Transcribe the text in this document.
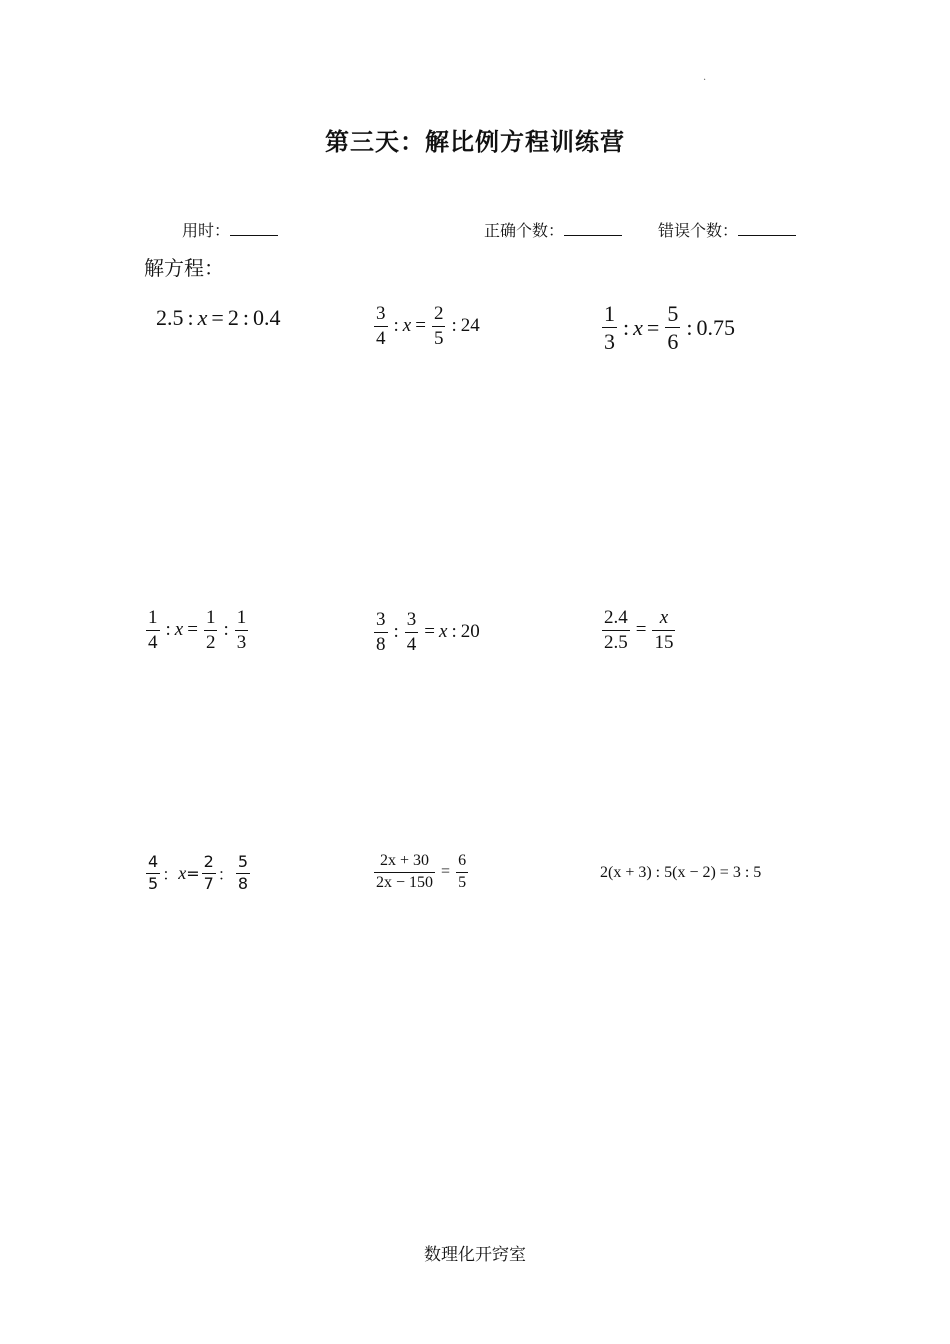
.
第三天：解比例方程训练营
用时：	正确个数：	错误个数：
解方程：
2.5 : x = 2 : 0.4	$\frac{3}{4}$ : $x = \frac{2}{5}$ : 24	$\frac{1}{3}$ : $x = \frac{5}{6}$ : 0.75
$\frac{1}{4}$ : $x = \frac{1}{2}$ : $\frac{1}{3}$	$\frac{3}{8}$ : $\frac{3}{4} = x$ : 20	$\frac{2.4}{2.5} = \frac{x}{15}$
$\frac{4}{5}$ ： $x = \frac{2}{7}$ ： $\frac{5}{8}$	$\frac{2x + 30}{2x - 150} = \frac{6}{5}$	2(x + 3) : 5(x − 2) = 3 : 5
数理化开窍室
